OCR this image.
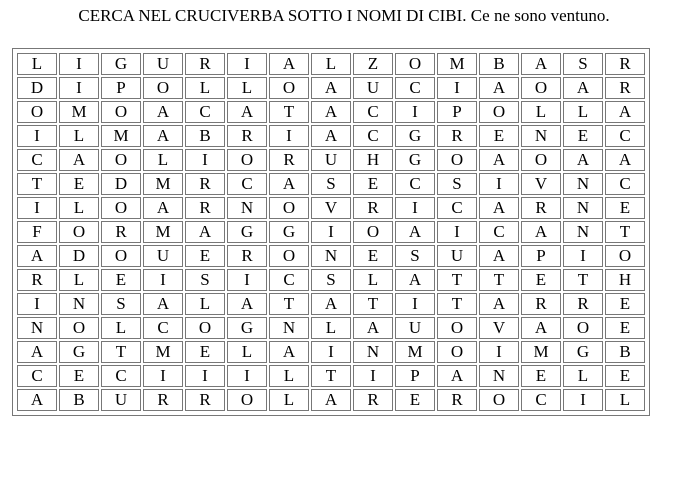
CERCA NEL CRUCIVERBA SOTTO I NOMI DI CIBI. Ce ne sono ventuno.
L	I	G	U	R	I	A	L	Z	O	M	B	A	S	R
D	I	P	O	L	L	O	A	U	C	I	A	O	A	R
O	M	O	A	C	A	T	A	C	I	P	O	L	L	A
I	L	M	A	B	R	I	A	C	G	R	E	N	E	C
C	A	O	L	I	O	R	U	H	G	O	A	O	A	A
T	E	D	M	R	C	A	S	E	C	S	I	V	N	C
I	L	O	A	R	N	O	V	R	I	C	A	R	N	E
F	O	R	M	A	G	G	I	O	A	I	C	A	N	T
A	D	O	U	E	R	O	N	E	S	U	A	P	I	O
R	L	E	I	S	I	C	S	L	A	T	T	E	T	H
I	N	S	A	L	A	T	A	T	I	T	A	R	R	E
N	O	L	C	O	G	N	L	A	U	O	V	A	O	E
A	G	T	M	E	L	A	I	N	M	O	I	M	G	B
C	E	C	I	I	I	L	T	I	P	A	N	E	L	E
A	B	U	R	R	O	L	A	R	E	R	O	C	I	L
